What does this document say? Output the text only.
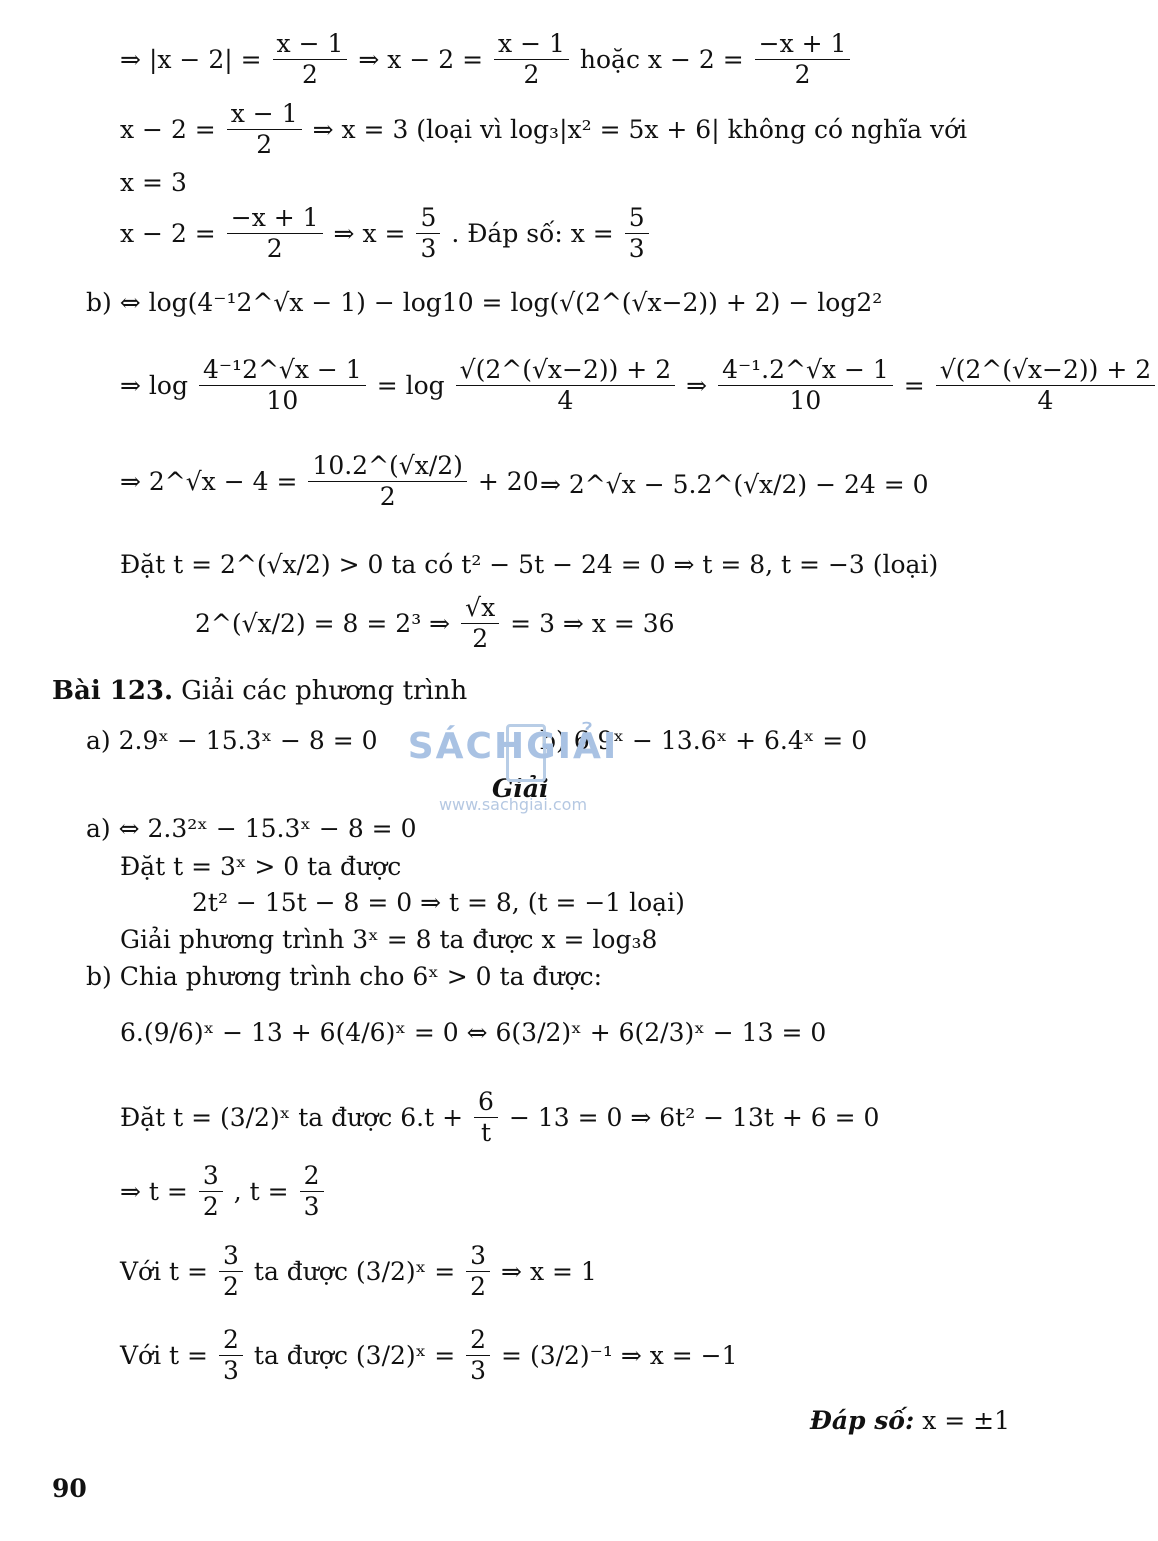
⇒ $|x - 2| = \frac{x - 1}{2}$ ⇒ $x - 2 = \frac{x - 1}{2}$ hoặc $x - 2 = \frac{-x + 1}{2}$
$x - 2 = \frac{x - 1}{2}$ ⇒ x = 3 (loại vì log₃|x² = 5x + 6| không có nghĩa với
x = 3
$x - 2 = \frac{-x + 1}{2}$ ⇒ $x = \frac{5}{3}$ . Đáp số: $x = \frac{5}{3}$
b) ⇔ log(4⁻¹2^√x − 1) − log10 = log(√(2^(√x−2)) + 2) − log2²
⇒ $\log \frac{\text{4⁻¹2\textasciicircum{}√x − 1}}{10} = \log \frac{√(2\^{}(√x-2)) + 2}{4}$ ⇒ $\frac{\text{4⁻¹.2\textasciicircum{}√x − 1}}{10} = \frac{√(2\^{}(√x-2)) + 2}{4}$
⇒ 2^√x − $4 = \frac{10.2\^{}(√x/2)}{2} + 20$ ⇒ 2^√x − 5.2^(√x/2) − 24 = 0
Đặt t = 2^(√x/2) > 0 ta có t² − 5t − 24 = 0 ⇒ t = 8, t = −3 (loại)
2^(√x/2) = 8 = 2³ ⇒ $\frac{√x}{2} = 3$ ⇒ x = 36
Bài 123. Giải các phương trình
a) 2.9ˣ − 15.3ˣ − 8 = 0	b) 6.9ˣ − 13.6ˣ + 6.4ˣ = 0
Giải
a) ⇔ 2.3²ˣ − 15.3ˣ − 8 = 0
Đặt t = 3ˣ > 0 ta được
2t² − 15t − 8 = 0 ⇒ t = 8, (t = −1 loại)
Giải phương trình 3ˣ = 8 ta được x = log₃8
b) Chia phương trình cho 6ˣ > 0 ta được:
6.(9/6)ˣ − 13 + 6(4/6)ˣ = 0 ⇔ 6(3/2)ˣ + 6(2/3)ˣ − 13 = 0
Đặt t = (3/2)ˣ ta được $6.t + \frac{6}{t} - 13 = 0$ ⇒ 6t² − 13t + 6 = 0
⇒ $t = \frac{3}{2}$ , $t = \frac{2}{3}$
Với $t = \frac{3}{2}$ ta được (3/2)ˣ = $\frac{3}{2}$ ⇒ x = 1
Với $t = \frac{2}{3}$ ta được (3/2)ˣ = $\frac{2}{3} = (3/2)^{-1}$ ⇒ x = −1
Đáp số: x = ±1
SÁCHGIẢI
www.sachgiai.com
90
